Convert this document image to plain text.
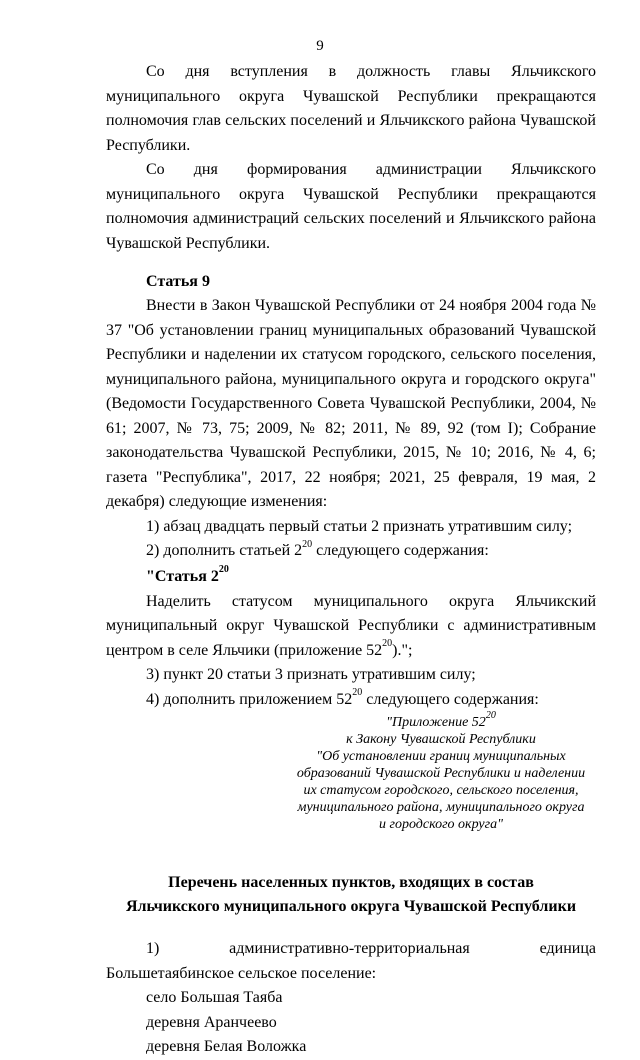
9

Со дня вступления в должность главы Яльчикского муниципального округа Чувашской Республики прекращаются полномочия глав сельских поселений и Яльчикского района Чувашской Республики.

Со дня формирования администрации Яльчикского муниципального округа Чувашской Республики прекращаются полномочия администраций сельских поселений и Яльчикского района Чувашской Республики.

Статья 9

Внести в Закон Чувашской Республики от 24 ноября 2004 года № 37 "Об установлении границ муниципальных образований Чувашской Республики и наделении их статусом городского, сельского поселения, муниципального района, муниципального округа и городского округа" (Ведомости Государственного Совета Чувашской Республики, 2004, № 61; 2007, № 73, 75; 2009, № 82; 2011, № 89, 92 (том I); Собрание законодательства Чувашской Республики, 2015, № 10; 2016, № 4, 6; газета "Республика", 2017, 22 ноября; 2021, 25 февраля, 19 мая, 2 декабря) следующие изменения:

1) абзац двадцать первый статьи 2 признать утратившим силу;

2) дополнить статьей $2^{20}$ следующего содержания:

"Статья $2^{20}$

Наделить статусом муниципального округа Яльчикский муниципальный округ Чувашской Республики с административным центром в селе Яльчики (приложение $52^{20}$).";

3) пункт 20 статьи 3 признать утратившим силу;

4) дополнить приложением $52^{20}$ следующего содержания:

"Приложение $52^{20}$
к Закону Чувашской Республики
"Об установлении границ муниципальных
образований Чувашской Республики и наделении
их статусом городского, сельского поселения,
муниципального района, муниципального округа
и городского округа"
Перечень населенных пунктов, входящих в состав
Яльчикского муниципального округа Чувашской Республики

1) административно-территориальная единица Большетаябинское сельское поселение:

село Большая Таяба

деревня Аранчеево

деревня Белая Воложка
